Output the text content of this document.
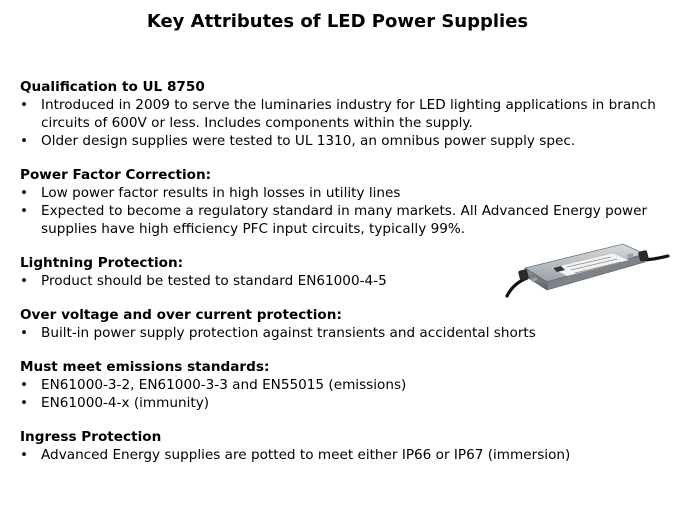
Key Attributes of LED Power Supplies
Qualification to UL 8750
• Introduced in 2009 to serve the luminaries industry for LED lighting applications in branch circuits of 600V or less. Includes components within the supply.
• Older design supplies were tested to UL 1310, an omnibus power supply spec.
Power Factor Correction:
• Low power factor results in high losses in utility lines
• Expected to become a regulatory standard in many markets. All Advanced Energy power supplies have high efficiency PFC input circuits, typically 99%.
Lightning Protection:
• Product should be tested to standard EN61000-4-5
Over voltage and over current protection:
• Built-in power supply protection against transients and accidental shorts
Must meet emissions standards:
• EN61000-3-2, EN61000-3-3 and EN55015 (emissions)
• EN61000-4-x (immunity)
Ingress Protection
• Advanced Energy supplies are potted to meet either IP66 or IP67 (immersion)
